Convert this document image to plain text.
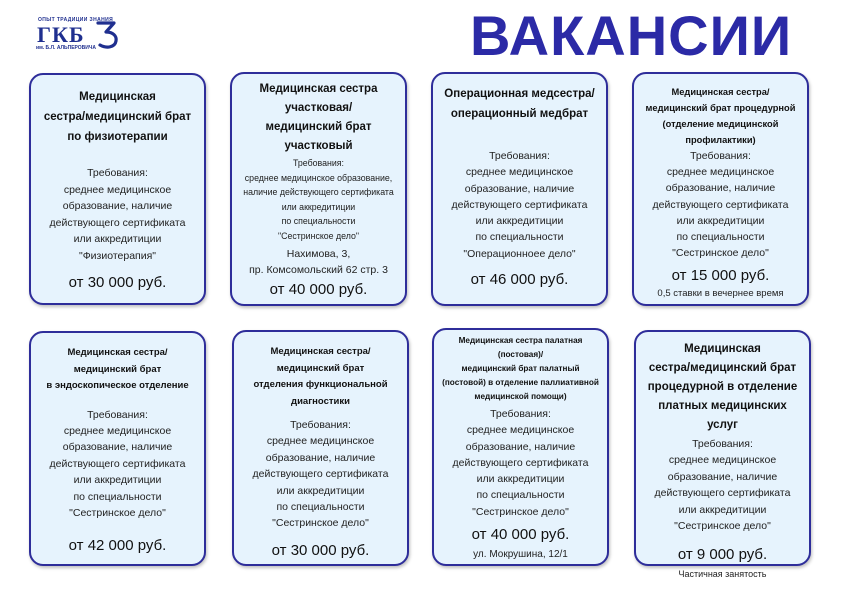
ОПЫТ ТРАДИЦИИ ЗНАНИЯ
ГКБ
им. Б.Л. АЛЬПЕРОВИЧА	ВАКАНСИИ
Медицинская
сестра/медицинский брат
по физиотерапии
Требования:
среднее медицинское
образование, наличие
действующего сертификата
или аккредитиции
"Физиотерапия"
от 30 000 руб.
Медицинская сестра
участковая/
медицинский брат
участковый
Требования:
среднее медицинское образование,
наличие действующего сертификата
или аккредитиции
по специальности
"Сестринское дело"
Нахимова, 3,
пр. Комсомольский 62 стр. 3
от 40 000 руб.
Операционная медсестра/
операционный медбрат
Требования:
среднее медицинское
образование, наличие
действующего сертификата
или аккредитиции
по специальности
"Операционноее дело"
от 46 000 руб.
Медицинская сестра/
медицинский брат процедурной
(отделение медицинской
профилактики)
Требования:
среднее медицинское
образование, наличие
действующего сертификата
или аккредитиции
по специальности
"Сестринское дело"
от 15 000 руб.
0,5 ставки в вечернее время
Медицинская сестра/
медицинский брат
в эндоскопическое отделение
Требования:
среднее медицинское
образование, наличие
действующего сертификата
или аккредитиции
по специальности
"Сестринское дело"
от 42 000 руб.
Медицинская сестра/
медицинский брат
отделения функциональной
диагностики
Требования:
среднее медицинское
образование, наличие
действующего сертификата
или аккредитиции
по специальности
"Сестринское дело"
от 30 000 руб.
Медицинская сестра палатная
(постовая)/
медицинский брат палатный
(постовой) в отделение паллиативной
медицинской помощи)
Требования:
среднее медицинское
образование, наличие
действующего сертификата
или аккредитиции
по специальности
"Сестринское дело"
от 40 000 руб.
ул. Мокрушина, 12/1
Медицинская
сестра/медицинский брат
процедурной в отделение
платных медицинских услуг
Требования:
среднее медицинское
образование, наличие
действующего сертификата
или аккредитиции
"Сестринское дело"
от 9 000 руб.
Частичная занятость
